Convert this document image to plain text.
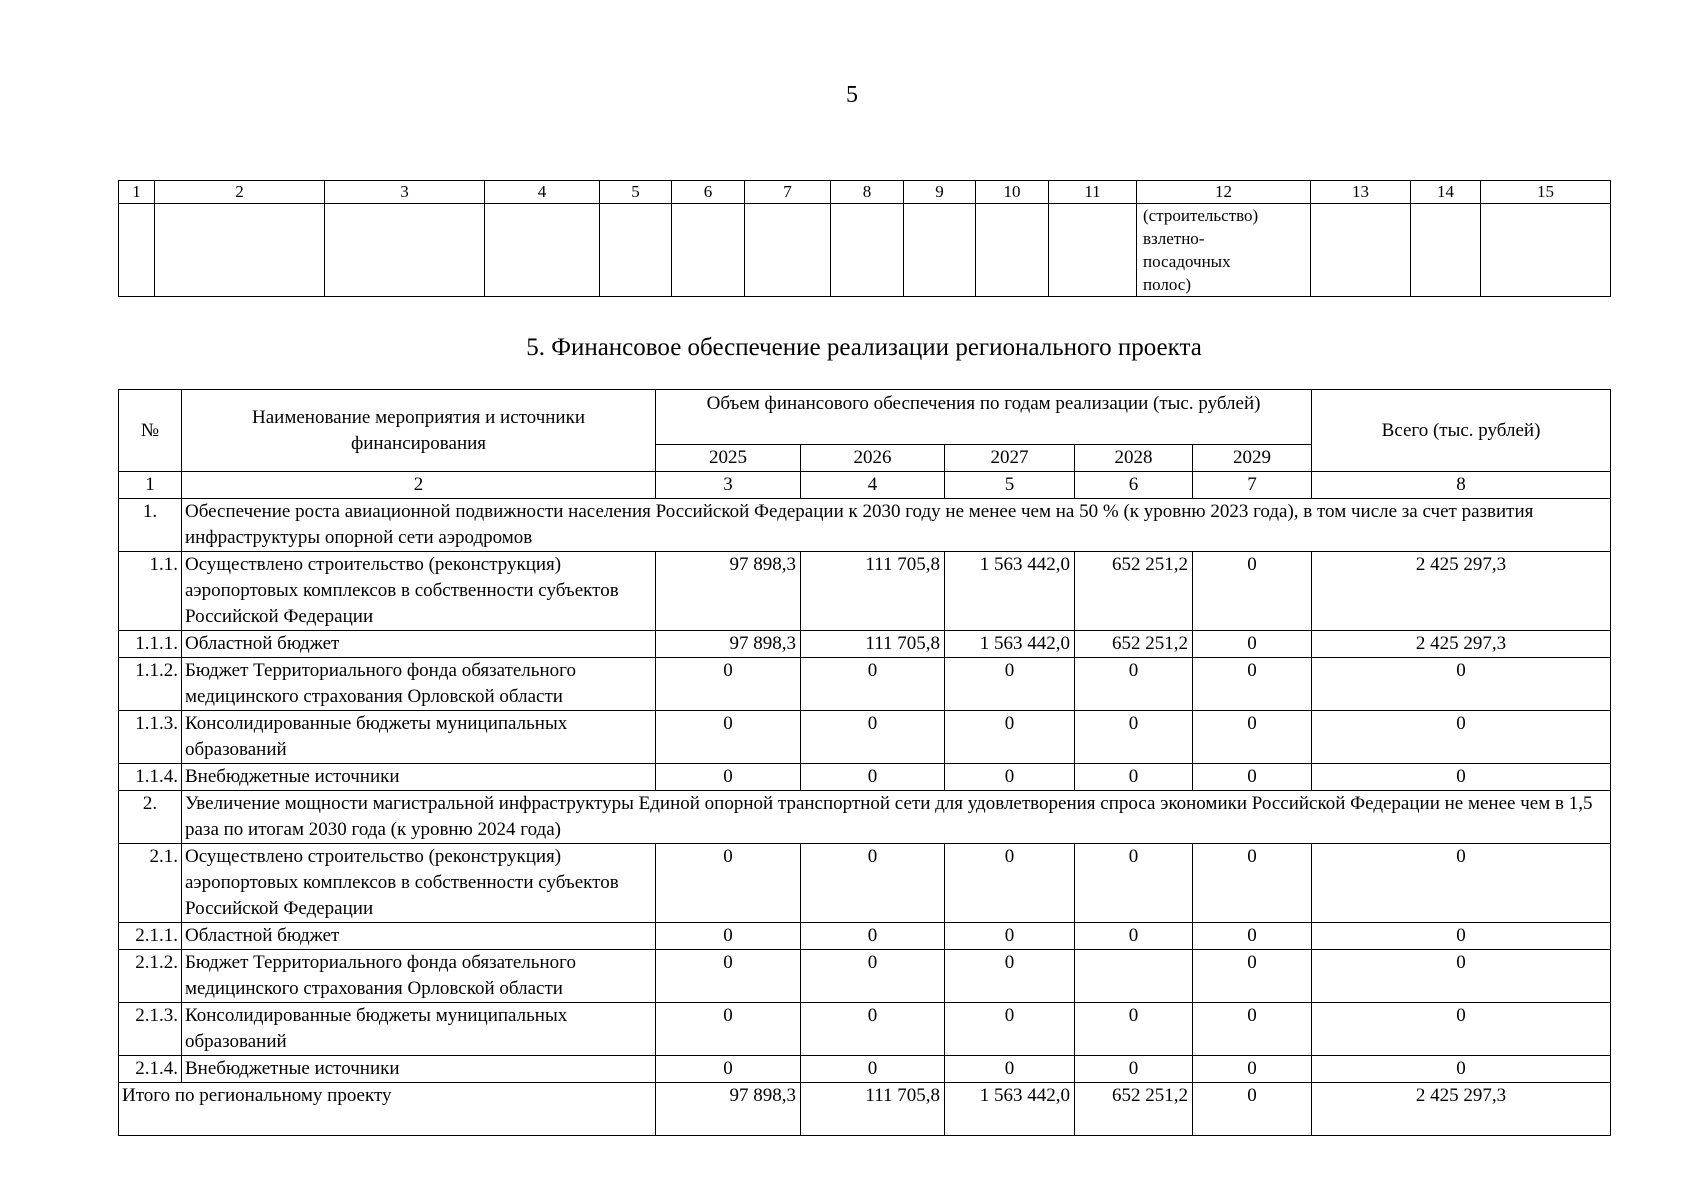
5
1	2	3	4	5	6	7	8	9	10	11	12	13	14	15

											(строительство)
взлетно-
посадочных
полос)			

5. Финансовое обеспечение реализации регионального проекта
№	Наименование мероприятия и источники финансирования	Объем финансового обеспечения по годам реализации (тыс. рублей)					Всего (тыс. рублей)
		2025	2026	2027	2028	2029	
1	2	3	4	5	6	7	8
1.	Обеспечение роста авиационной подвижности населения Российской Федерации к 2030 году не менее чем на 50 % (к уровню 2023 года), в том числе за счет развития инфраструктуры опорной сети аэродромов						
1.1.	Осуществлено строительство (реконструкция) аэропортовых комплексов в собственности субъектов Российской Федерации	97 898,3	111 705,8	1 563 442,0	652 251,2	0	2 425 297,3
1.1.1.	Областной бюджет	97 898,3	111 705,8	1 563 442,0	652 251,2	0	2 425 297,3
1.1.2.	Бюджет Территориального фонда обязательного медицинского страхования Орловской области	0	0	0	0	0	0
1.1.3.	Консолидированные бюджеты муниципальных образований	0	0	0	0	0	0
1.1.4.	Внебюджетные источники	0	0	0	0	0	0
2.	Увеличение мощности магистральной инфраструктуры Единой опорной транспортной сети для удовлетворения спроса экономики Российской Федерации не менее чем в 1,5 раза по итогам 2030 года (к уровню 2024 года)						
2.1.	Осуществлено строительство (реконструкция) аэропортовых комплексов в собственности субъектов Российской Федерации	0	0	0	0	0	0
2.1.1.	Областной бюджет	0	0	0	0	0	0
2.1.2.	Бюджет Территориального фонда обязательного медицинского страхования Орловской области	0	0	0		0	0
2.1.3.	Консолидированные бюджеты муниципальных образований	0	0	0	0	0	0
2.1.4.	Внебюджетные источники	0	0	0	0	0	0
Итого по региональному проекту		97 898,3	111 705,8	1 563 442,0	652 251,2	0	2 425 297,3
